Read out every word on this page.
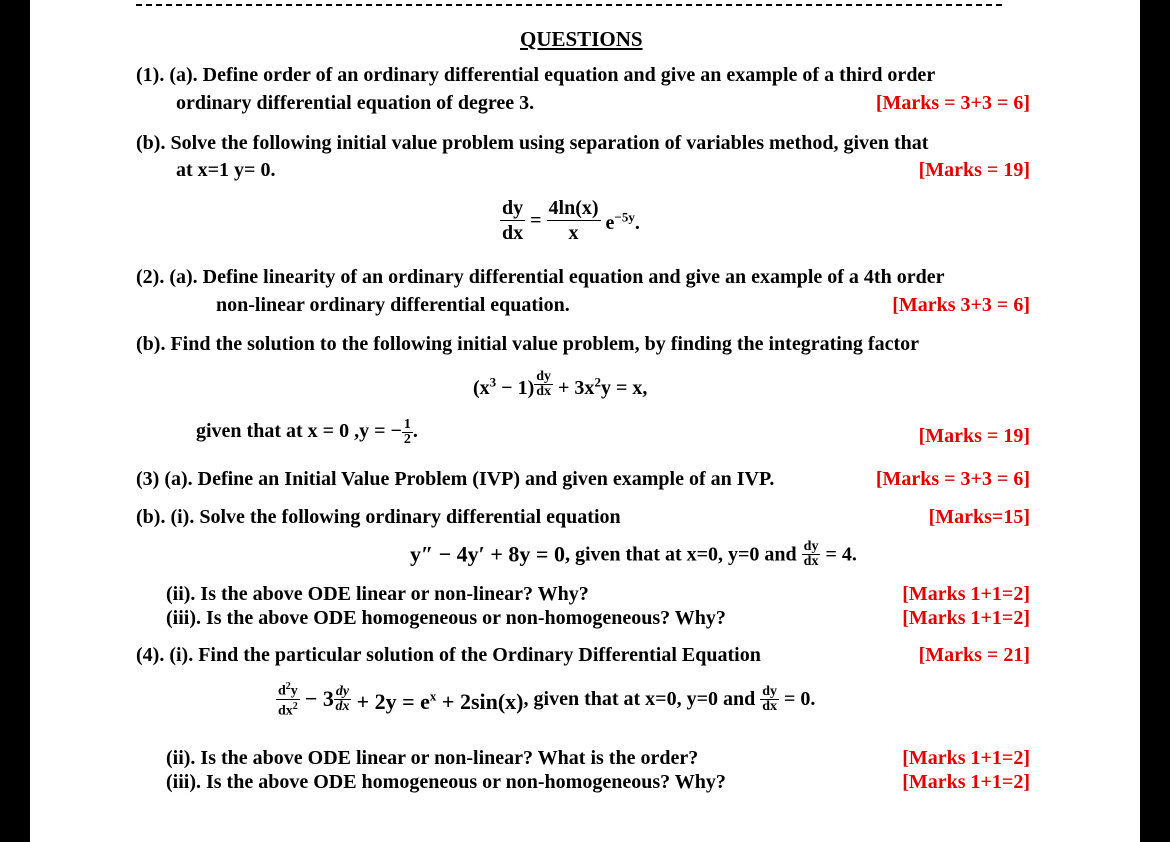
QUESTIONS
(1). (a). Define order of an ordinary differential equation and give an example of a third order
ordinary differential equation of degree 3.	[Marks = 3+3 = 6]
(b). Solve the following initial value problem using separation of variables method, given that
at x=1 y= 0.	[Marks = 19]
$\frac{dy}{dx} = \frac{4\ln(x)}{x} e^{-5y}$.
(2). (a). Define linearity of an ordinary differential equation and give an example of a 4th order
non-linear ordinary differential equation.	[Marks 3+3 = 6]
(b). Find the solution to the following initial value problem, by finding the integrating factor
$(x^3 - 1) \frac{dy}{dx} + 3x^2y = x$,
given that at x = 0 ,y = − $\frac{1}{2}$ .	[Marks = 19]
(3) (a). Define an Initial Value Problem (IVP) and given example of an IVP.	[Marks = 3+3 = 6]
(b). (i). Solve the following ordinary differential equation	[Marks=15]
y″ − 4y′ + 8y = 0, given that at x=0, y=0 and $\frac{dy}{dx} = 4$.
(ii). Is the above ODE linear or non-linear? Why?	[Marks 1+1=2]
(iii). Is the above ODE homogeneous or non-homogeneous? Why?	[Marks 1+1=2]
(4). (i). Find the particular solution of the Ordinary Differential Equation	[Marks = 21]
$\frac{d^2y}{dx^2} - 3 \frac{dy}{dx} + 2y = e^x + 2\sin(x)$, given that at x=0, y=0 and $\frac{dy}{dx} = 0$.
(ii). Is the above ODE linear or non-linear? What is the order?	[Marks 1+1=2]
(iii). Is the above ODE homogeneous or non-homogeneous? Why?	[Marks 1+1=2]
